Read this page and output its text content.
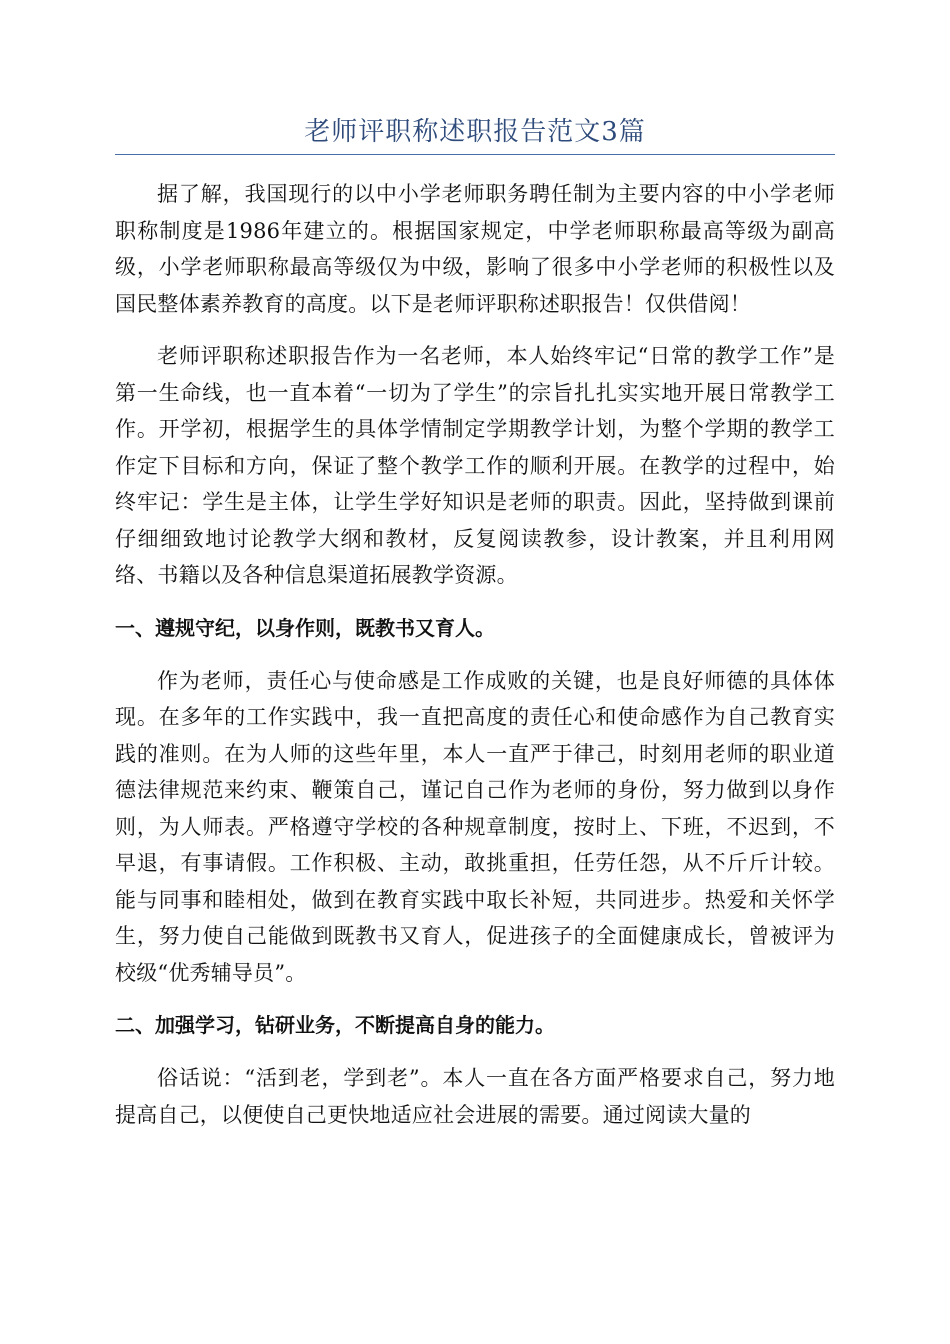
老师评职称述职报告范文3篇

据了解，我国现行的以中小学老师职务聘任制为主要内容的中小学老师职称制度是1986年建立的。根据国家规定，中学老师职称最高等级为副高级，小学老师职称最高等级仅为中级，影响了很多中小学老师的积极性以及国民整体素养教育的高度。以下是老师评职称述职报告！仅供借阅！

老师评职称述职报告作为一名老师，本人始终牢记“日常的教学工作”是第一生命线，也一直本着“一切为了学生”的宗旨扎扎实实地开展日常教学工作。开学初，根据学生的具体学情制定学期教学计划，为整个学期的教学工作定下目标和方向，保证了整个教学工作的顺利开展。在教学的过程中，始终牢记：学生是主体，让学生学好知识是老师的职责。因此，坚持做到课前仔细细致地讨论教学大纲和教材，反复阅读教参，设计教案，并且利用网络、书籍以及各种信息渠道拓展教学资源。

一、遵规守纪，以身作则，既教书又育人。

作为老师，责任心与使命感是工作成败的关键，也是良好师德的具体体现。在多年的工作实践中，我一直把高度的责任心和使命感作为自己教育实践的准则。在为人师的这些年里，本人一直严于律己，时刻用老师的职业道德法律规范来约束、鞭策自己，谨记自己作为老师的身份，努力做到以身作则，为人师表。严格遵守学校的各种规章制度，按时上、下班，不迟到，不早退，有事请假。工作积极、主动，敢挑重担，任劳任怨，从不斤斤计较。能与同事和睦相处，做到在教育实践中取长补短，共同进步。热爱和关怀学生，努力使自己能做到既教书又育人，促进孩子的全面健康成长，曾被评为校级“优秀辅导员”。

二、加强学习，钻研业务，不断提高自身的能力。

俗话说：“活到老，学到老”。本人一直在各方面严格要求自己，努力地提高自己，以便使自己更快地适应社会进展的需要。通过阅读大量的
